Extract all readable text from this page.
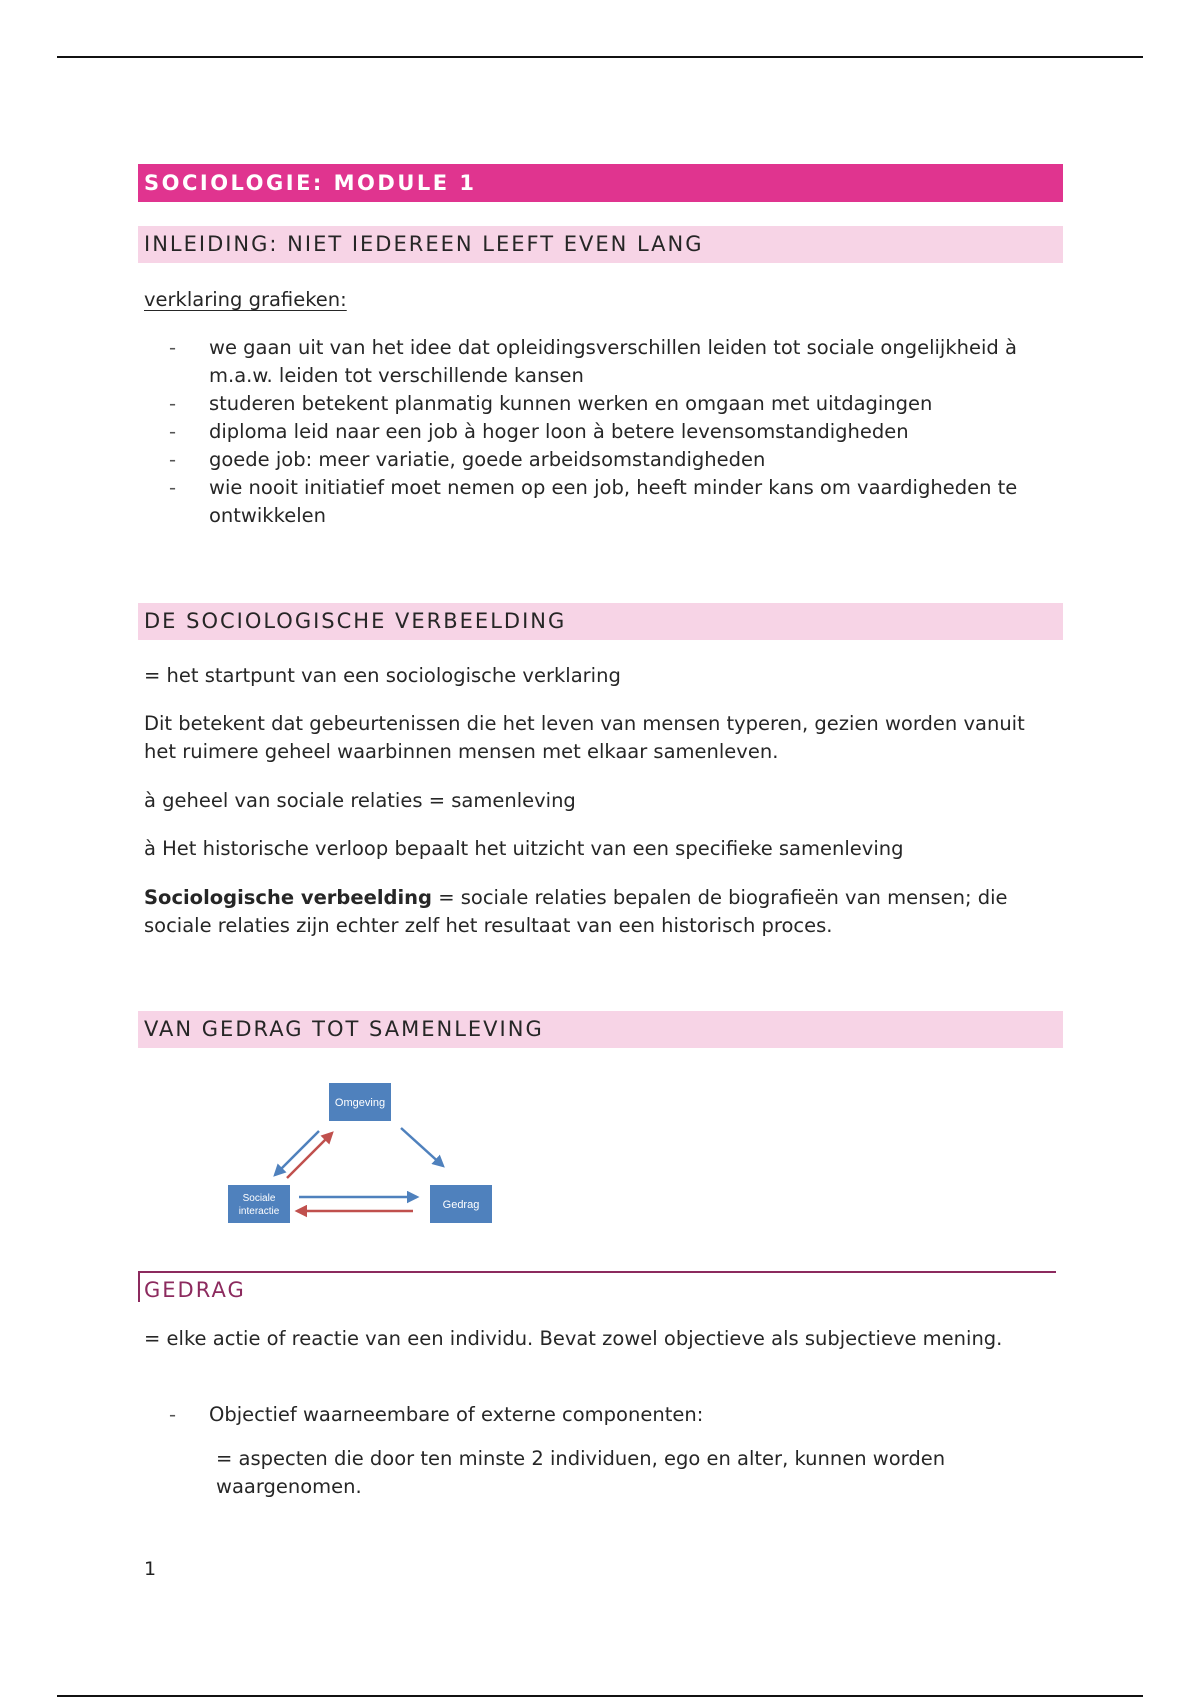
SOCIOLOGIE: MODULE 1
INLEIDING: NIET IEDEREEN LEEFT EVEN LANG
verklaring grafieken:
- we gaan uit van het idee dat opleidingsverschillen leiden tot sociale ongelijkheid à m.a.w. leiden tot verschillende kansen
- studeren betekent planmatig kunnen werken en omgaan met uitdagingen
- diploma leid naar een job à hoger loon à betere levensomstandigheden
- goede job: meer variatie, goede arbeidsomstandigheden
- wie nooit initiatief moet nemen op een job, heeft minder kans om vaardigheden te ontwikkelen
DE SOCIOLOGISCHE VERBEELDING
= het startpunt van een sociologische verklaring
Dit betekent dat gebeurtenissen die het leven van mensen typeren, gezien worden vanuit het ruimere geheel waarbinnen mensen met elkaar samenleven.
à geheel van sociale relaties = samenleving
à Het historische verloop bepaalt het uitzicht van een specifieke samenleving
Sociologische verbeelding = sociale relaties bepalen de biografieën van mensen; die sociale relaties zijn echter zelf het resultaat van een historisch proces.
VAN GEDRAG TOT SAMENLEVING
Omgeving
Sociale
interactie
Gedrag
GEDRAG
= elke actie of reactie van een individu. Bevat zowel objectieve als subjectieve mening.
- Objectief waarneembare of externe componenten:
= aspecten die door ten minste 2 individuen, ego en alter, kunnen worden waargenomen.
1
